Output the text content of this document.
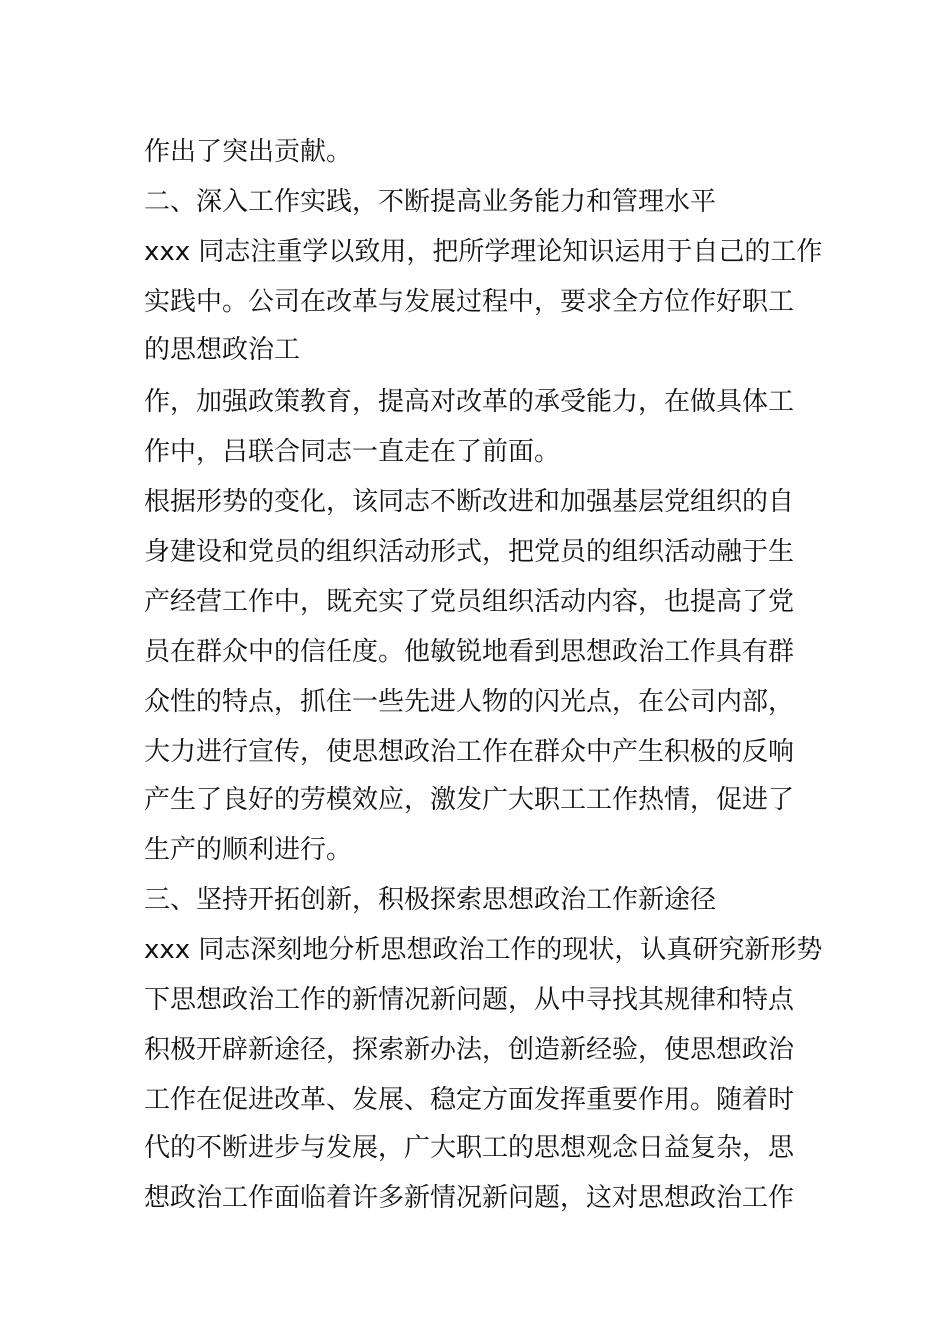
作出了突出贡献。
二、深入工作实践，不断提高业务能力和管理水平
xxx 同志注重学以致用，把所学理论知识运用于自己的工作
实践中。公司在改革与发展过程中，要求全方位作好职工
的思想政治工
作，加强政策教育，提高对改革的承受能力，在做具体工
作中，吕联合同志一直走在了前面。
根据形势的变化，该同志不断改进和加强基层党组织的自
身建设和党员的组织活动形式，把党员的组织活动融于生
产经营工作中，既充实了党员组织活动内容，也提高了党
员在群众中的信任度。他敏锐地看到思想政治工作具有群
众性的特点，抓住一些先进人物的闪光点，在公司内部，
大力进行宣传，使思想政治工作在群众中产生积极的反响
产生了良好的劳模效应，激发广大职工工作热情，促进了
生产的顺利进行。
三、坚持开拓创新，积极探索思想政治工作新途径
xxx 同志深刻地分析思想政治工作的现状，认真研究新形势
下思想政治工作的新情况新问题，从中寻找其规律和特点
积极开辟新途径，探索新办法，创造新经验，使思想政治
工作在促进改革、发展、稳定方面发挥重要作用。随着时
代的不断进步与发展，广大职工的思想观念日益复杂，思
想政治工作面临着许多新情况新问题，这对思想政治工作
